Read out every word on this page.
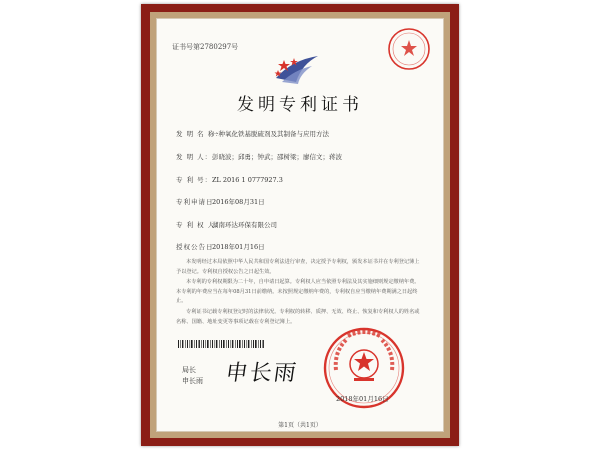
证书号第2780297号
发明专利证书
发 明 名 称：一种氧化铁基脱硫剂及其制备与应用方法
发 明 人：彭晓波；邱勇；钟武；邵树梁；廖信文；蒋波
专 利 号：ZL 2016 1 0777927.3
专利申请日：2016年08月31日
专 利 权 人：湖南环达环保有限公司
授权公告日：2018年01月16日

本发明经过本局依照中华人民共和国专利法进行审查，决定授予专利权，颁发本证书并在专利登记簿上予以登记。专利权自授权公告之日起生效。

本专利的专利权期限为二十年，自申请日起算。专利权人应当依照专利法及其实施细则规定缴纳年费。本专利的年费应当在每年08月31日前缴纳。未按照规定缴纳年费的，专利权自应当缴纳年费期满之日起终止。

专利证书记载专利权登记时的法律状况。专利权的转移、质押、无效、终止、恢复和专利权人的姓名或名称、国籍、地址变更等事项记载在专利登记簿上。

局长
申长雨 申长雨
2018年01月16日
第1页（共1页）
